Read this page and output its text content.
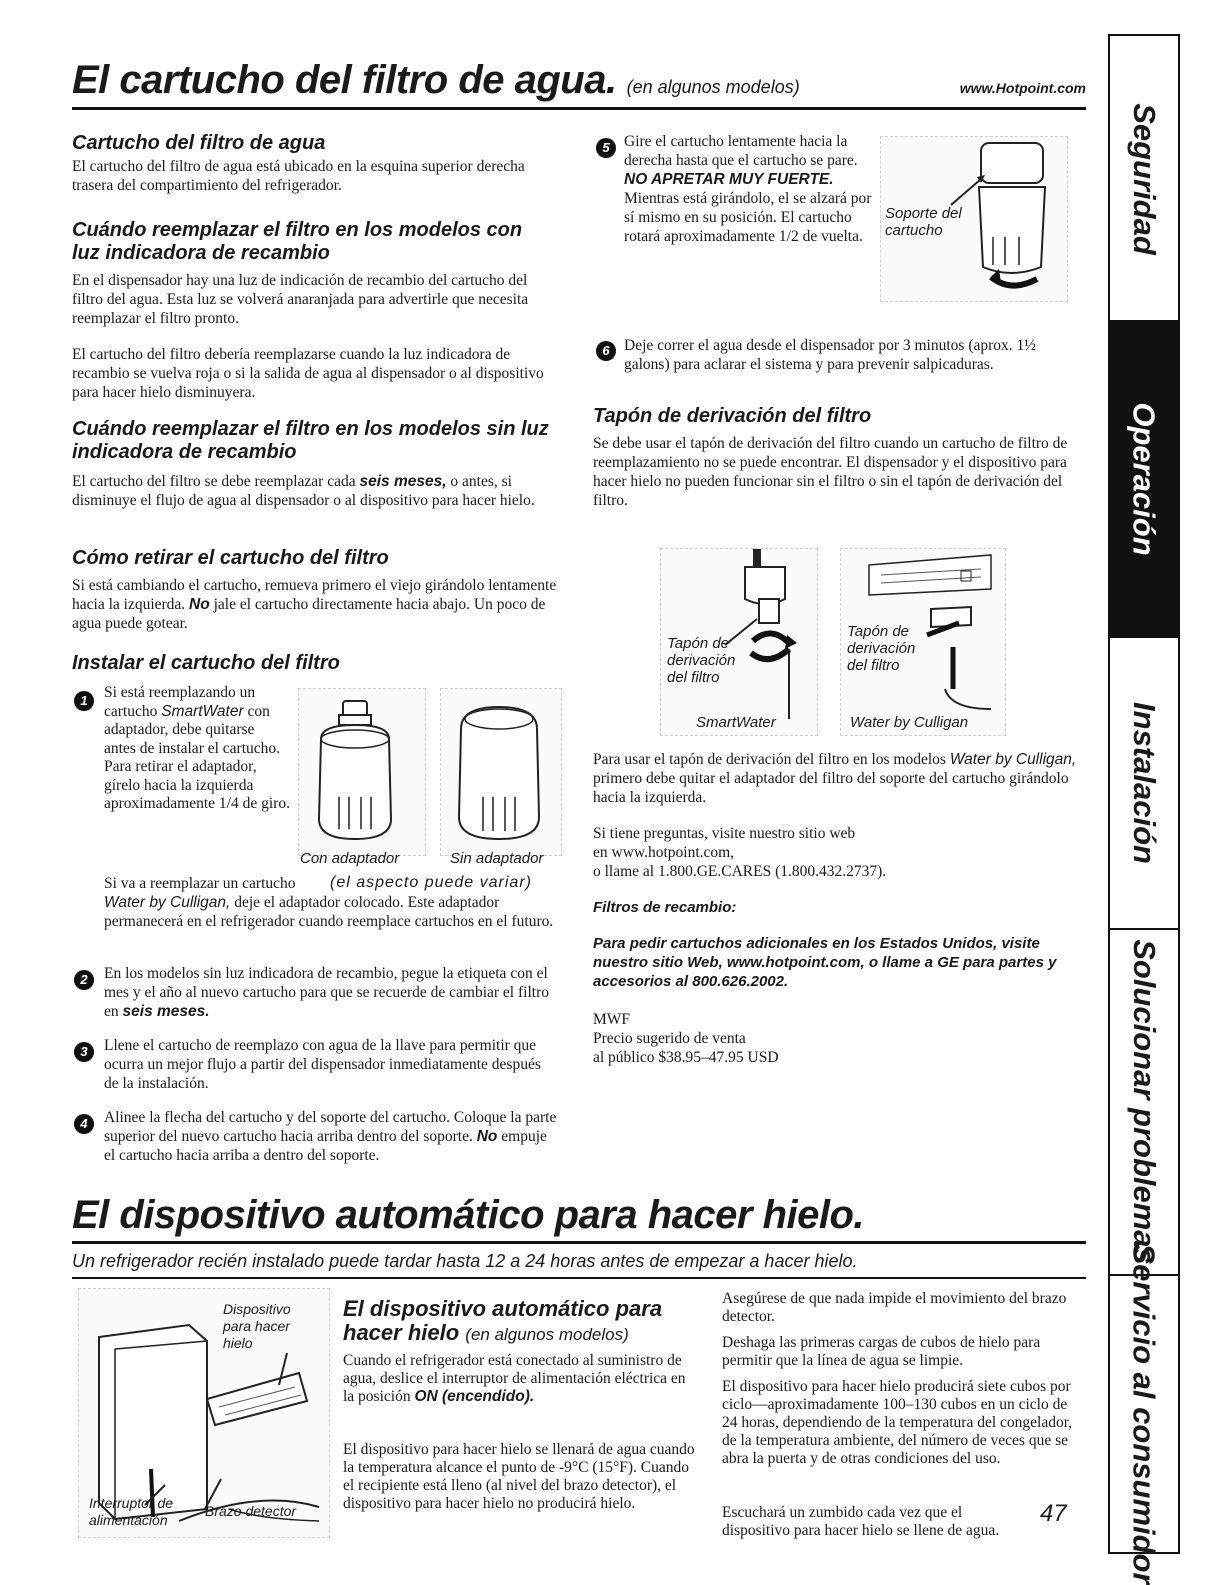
El cartucho del filtro de agua. (en algunos modelos)	www.Hotpoint.com
Cartucho del filtro de agua
El cartucho del filtro de agua está ubicado en la esquina superior derecha trasera del compartimiento del refrigerador.
Cuándo reemplazar el filtro en los modelos con luz indicadora de recambio
En el dispensador hay una luz de indicación de recambio del cartucho del filtro del agua. Esta luz se volverá anaranjada para advertirle que necesita reemplazar el filtro pronto.
El cartucho del filtro debería reemplazarse cuando la luz indicadora de recambio se vuelva roja o si la salida de agua al dispensador o al dispositivo para hacer hielo disminuyera.
Cuándo reemplazar el filtro en los modelos sin luz indicadora de recambio
El cartucho del filtro se debe reemplazar cada seis meses, o antes, si disminuye el flujo de agua al dispensador o al dispositivo para hacer hielo.
Cómo retirar el cartucho del filtro
Si está cambiando el cartucho, remueva primero el viejo girándolo lentamente hacia la izquierda. No jale el cartucho directamente hacia abajo. Un poco de agua puede gotear.
Instalar el cartucho del filtro
1	Si está reemplazando un cartucho SmartWater con adaptador, debe quitarse antes de instalar el cartucho. Para retirar el adaptador, gírelo hacia la izquierda aproximadamente 1/4 de giro.
Con adaptador	Sin adaptador
(el aspecto puede variar)
Si va a reemplazar un cartucho
Water by Culligan, deje el adaptador colocado. Este adaptador permanecerá en el refrigerador cuando reemplace cartuchos en el futuro.
2	En los modelos sin luz indicadora de recambio, pegue la etiqueta con el mes y el año al nuevo cartucho para que se recuerde de cambiar el filtro en seis meses.
3	Llene el cartucho de reemplazo con agua de la llave para permitir que ocurra un mejor flujo a partir del dispensador inmediatamente después de la instalación.
4	Alinee la flecha del cartucho y del soporte del cartucho. Coloque la parte superior del nuevo cartucho hacia arriba dentro del soporte. No empuje el cartucho hacia arriba a dentro del soporte.
5 Gire el cartucho lentamente hacia la derecha hasta que el cartucho se pare. NO APRETAR MUY FUERTE. Mientras está girándolo, el se alzará por sí mismo en su posición. El cartucho rotará aproximadamente 1/2 de vuelta.
Soporte del cartucho
6 Deje correr el agua desde el dispensador por 3 minutos (aprox. 1½ galons) para aclarar el sistema y para prevenir salpicaduras.
Tapón de derivación del filtro
Se debe usar el tapón de derivación del filtro cuando un cartucho de filtro de reemplazamiento no se puede encontrar. El dispensador y el dispositivo para hacer hielo no pueden funcionar sin el filtro o sin el tapón de derivación del filtro.
Tapón de derivación del filtro
Tapón de derivación del filtro
SmartWater	Water by Culligan
Para usar el tapón de derivación del filtro en los modelos Water by Culligan, primero debe quitar el adaptador del filtro del soporte del cartucho girándolo hacia la izquierda.
Si tiene preguntas, visite nuestro sitio web
en www.hotpoint.com,
o llame al 1.800.GE.CARES (1.800.432.2737).
Filtros de recambio:
Para pedir cartuchos adicionales en los Estados Unidos, visite nuestro sitio Web, www.hotpoint.com, o llame a GE para partes y accesorios al 800.626.2002.
MWF
Precio sugerido de venta
al público $38.95–47.95 USD
El dispositivo automático para hacer hielo.
Un refrigerador recién instalado puede tardar hasta 12 a 24 horas antes de empezar a hacer hielo.
Dispositivo para hacer hielo
Interruptor de alimentación
Brazo detector
El dispositivo automático para hacer hielo (en algunos modelos)
Cuando el refrigerador está conectado al suministro de agua, deslice el interruptor de alimentación eléctrica en la posición ON (encendido).
El dispositivo para hacer hielo se llenará de agua cuando la temperatura alcance el punto de -9°C (15°F). Cuando el recipiente está lleno (al nivel del brazo detector), el dispositivo para hacer hielo no producirá hielo.
Asegúrese de que nada impide el movimiento del brazo detector.
Deshaga las primeras cargas de cubos de hielo para permitir que la línea de agua se limpie.
El dispositivo para hacer hielo producirá siete cubos por ciclo—aproximadamente 100–130 cubos en un ciclo de 24 horas, dependiendo de la temperatura del congelador, de la temperatura ambiente, del número de veces que se abra la puerta y de otras condiciones del uso.
Escuchará un zumbido cada vez que el dispositivo para hacer hielo se llene de agua.
47
Seguridad
Operación
Instalación
Solucionar problemas
Servicio al consumidor
